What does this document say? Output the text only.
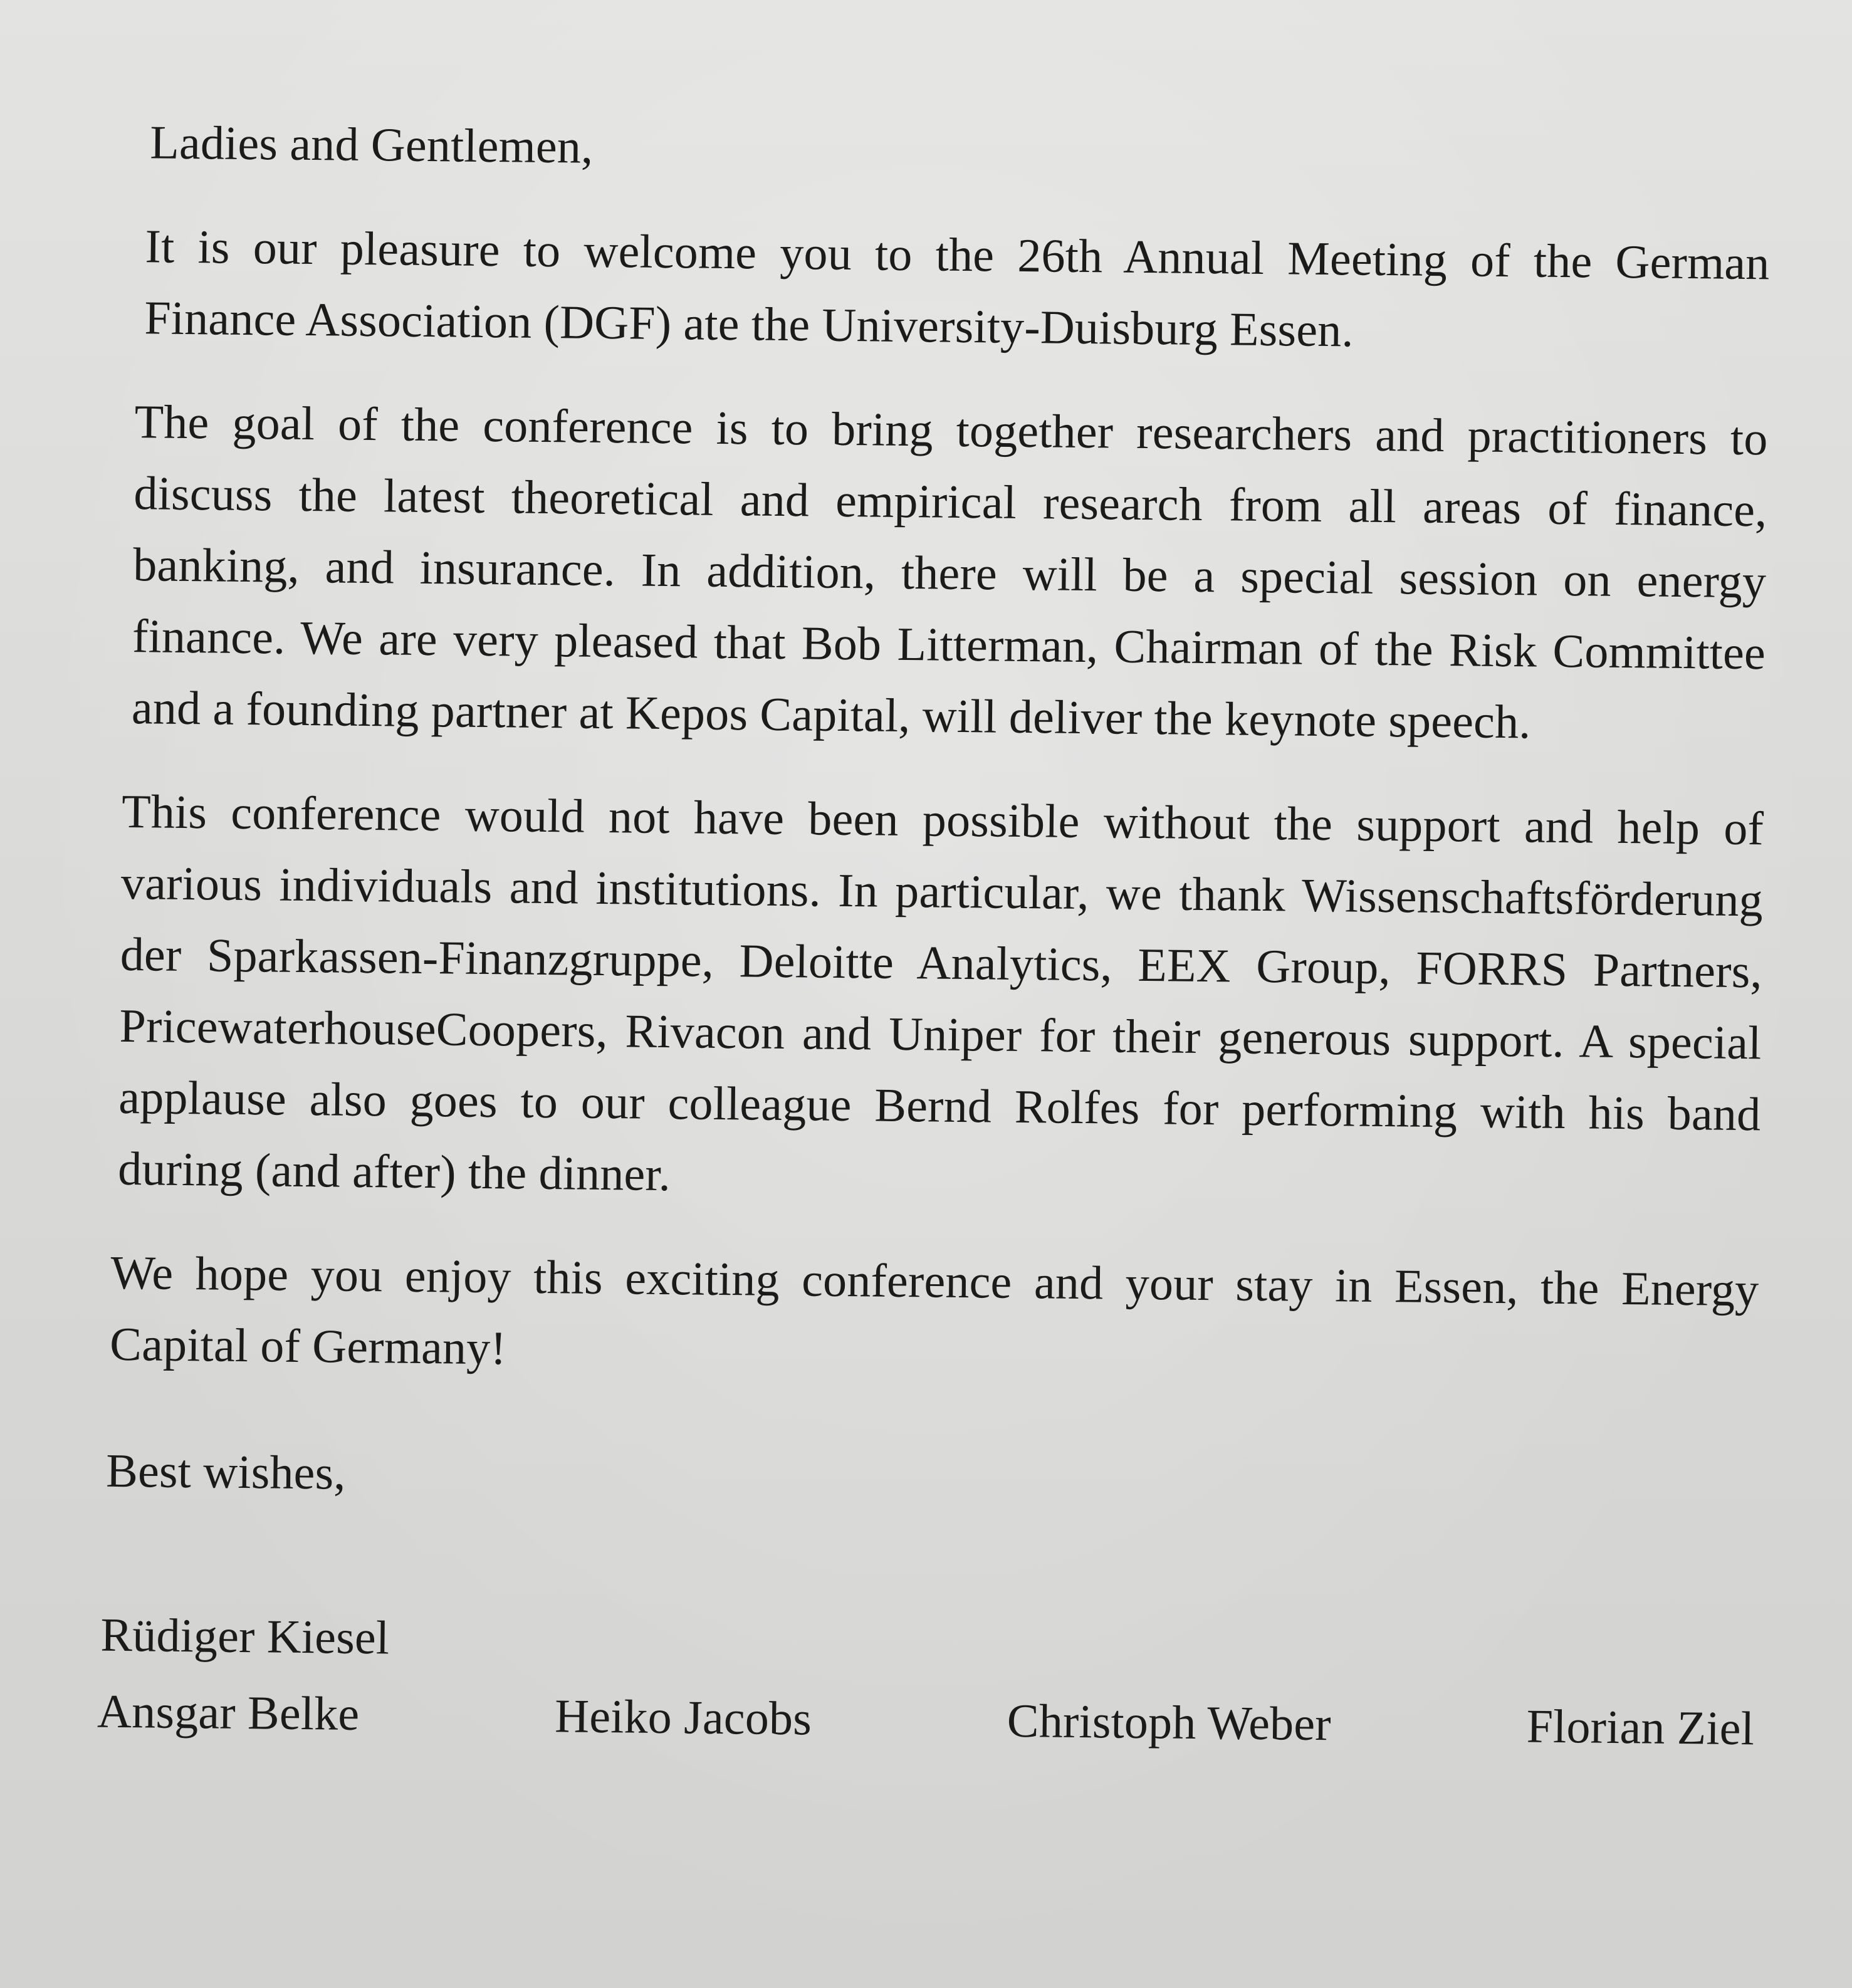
Ladies and Gentlemen,

It is our pleasure to welcome you to the 26th Annual Meeting of the German Finance Association (DGF) ate the University-Duisburg Essen.

The goal of the conference is to bring together researchers and practitioners to discuss the latest theoretical and empirical research from all areas of finance, banking, and insurance. In addition, there will be a special session on energy finance. We are very pleased that Bob Litterman, Chairman of the Risk Committee and a founding partner at Kepos Capital, will deliver the keynote speech.

This conference would not have been possible without the support and help of various individuals and institutions. In particular, we thank Wissenschaftsförderung der Sparkassen-Finanzgruppe, Deloitte Analytics, EEX Group, FORRS Partners, PricewaterhouseCoopers, Rivacon and Uniper for their generous support. A special applause also goes to our colleague Bernd Rolfes for performing with his band during (and after) the dinner.

We hope you enjoy this exciting conference and your stay in Essen, the Energy Capital of Germany!

Best wishes,

Rüdiger Kiesel
Ansgar Belke	Heiko Jacobs	Christoph Weber	Florian Ziel
